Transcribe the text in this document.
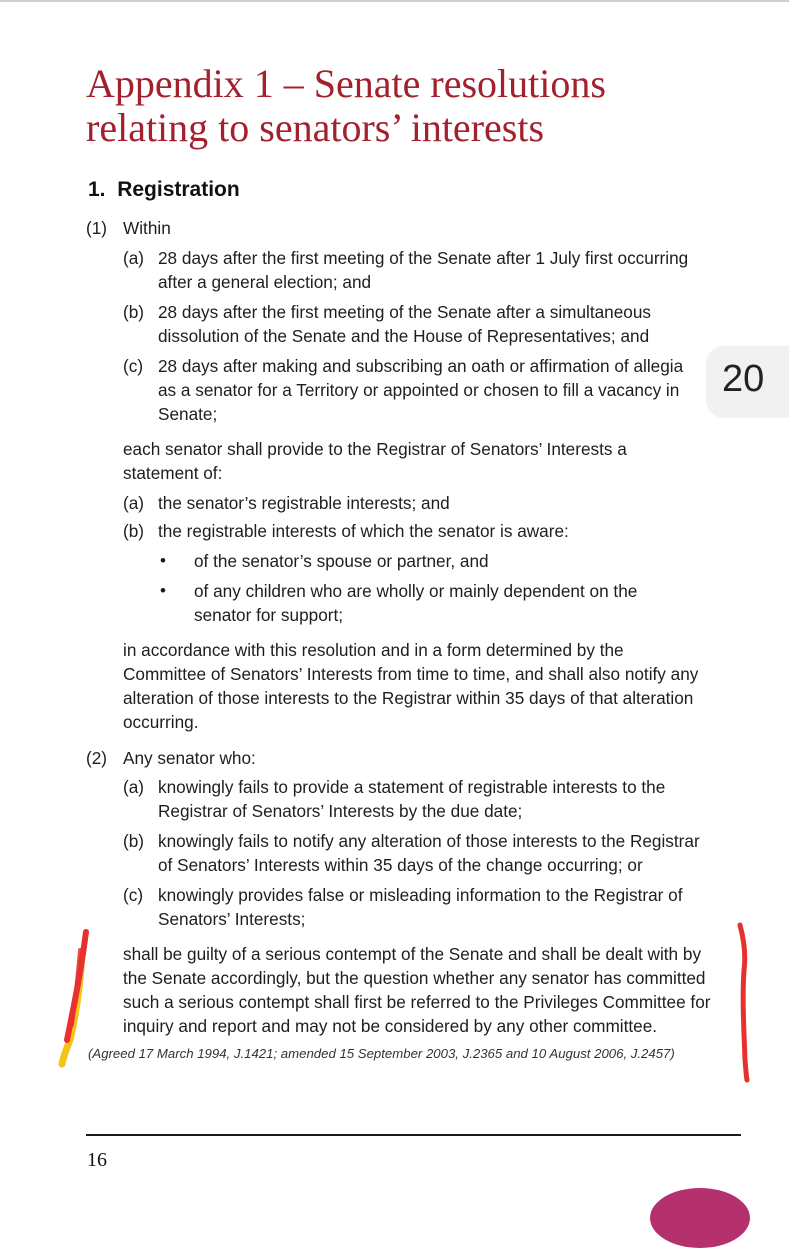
Appendix 1 – Senate resolutions
relating to senators’ interests
1. Registration
(1) Within
(a) 28 days after the first meeting of the Senate after 1 July first occurring
after a general election; and
(b) 28 days after the first meeting of the Senate after a simultaneous
dissolution of the Senate and the House of Representatives; and
(c) 28 days after making and subscribing an oath or affirmation of allegia
as a senator for a Territory or appointed or chosen to fill a vacancy in
Senate;
each senator shall provide to the Registrar of Senators’ Interests a
statement of:
(a) the senator’s registrable interests; and
(b) the registrable interests of which the senator is aware:
• of the senator’s spouse or partner, and
• of any children who are wholly or mainly dependent on the
senator for support;
in accordance with this resolution and in a form determined by the
Committee of Senators’ Interests from time to time, and shall also notify any
alteration of those interests to the Registrar within 35 days of that alteration
occurring.
(2) Any senator who:
(a) knowingly fails to provide a statement of registrable interests to the
Registrar of Senators’ Interests by the due date;
(b) knowingly fails to notify any alteration of those interests to the Registrar
of Senators’ Interests within 35 days of the change occurring; or
(c) knowingly provides false or misleading information to the Registrar of
Senators’ Interests;
shall be guilty of a serious contempt of the Senate and shall be dealt with by
the Senate accordingly, but the question whether any senator has committed
such a serious contempt shall first be referred to the Privileges Committee for
inquiry and report and may not be considered by any other committee.
(Agreed 17 March 1994, J.1421; amended 15 September 2003, J.2365 and 10 August 2006, J.2457)
16
20
